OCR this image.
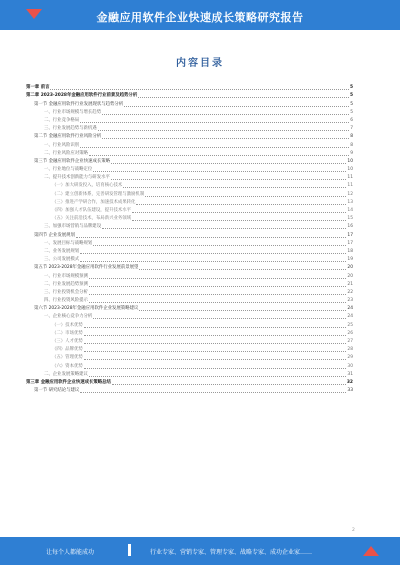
金融应用软件企业快速成长策略研究报告
内容目录
第一章 前言	5
第二章 2023-2028年金融应用软件行业前景及趋势分析	5
第一节 金融应用软件行业发展现状与趋势分析	5
一、行业市场规模与增长趋势	5
二、行业竞争格局	6
三、行业发展趋势与新机遇	7
第二节 金融应用软件行业风险分析	8
一、行业风险识别	8
二、行业风险应对策略	9
第三节 金融应用软件企业快速成长策略	10
一、行业地位与战略定位	10
二、提升技术创新能力与研发水平	11
（一）加大研发投入，培育核心技术	11
（二）建立创新体系，完善研发管理与激励机制	12
（三）推进产学研合作，加速技术成果转化	13
（四）加强人才队伍建设，提升技术水平	14
（五）关注前沿技术，布局新兴业务领域	15
三、加强市场营销与品牌建设	16
第四节 企业发展规划	17
一、发展目标与战略规划	17
二、业务发展规划	18
三、公司发展模式	19
第五节 2023-2028年金融应用软件行业发展前景展望	20
一、行业市场规模预测	20
二、行业发展趋势预测	21
三、行业投资机会分析	22
四、行业投资风险提示	23
第六节 2023-2028年金融应用软件企业发展策略建议	24
一、企业核心竞争力分析	24
（一）技术优势	25
（二）市场优势	26
（三）人才优势	27
（四）品牌优势	28
（五）管理优势	29
（六）资本优势	30
二、企业发展策略建议	31
第三章 金融应用软件企业快速成长策略总结	32
第一节 研究结论与建议	33
2
让每个人都能成功	行业专家、营销专家、管理专家、战略专家、成功企业家……
